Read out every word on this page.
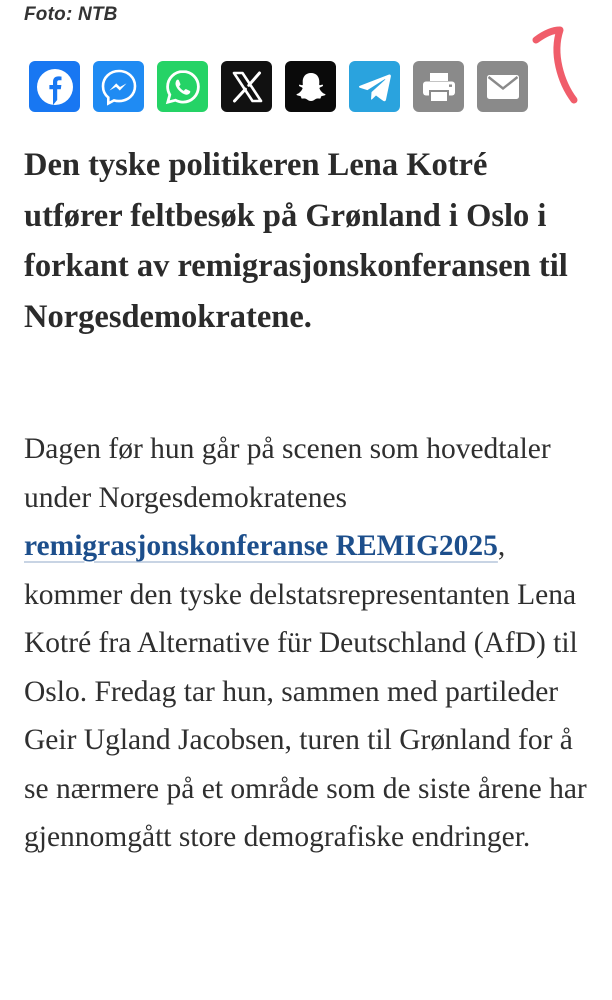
Foto: NTB

Den tyske politikeren Lena Kotré utfører feltbesøk på Grønland i Oslo i forkant av remigrasjonskonferansen til Norgesdemokratene.

Dagen før hun går på scenen som hovedtaler under Norgesdemokratenes remigrasjonskonferanse REMIG2025, kommer den tyske delstatsrepresentanten Lena Kotré fra Alternative für Deutschland (AfD) til Oslo. Fredag tar hun, sammen med partileder Geir Ugland Jacobsen, turen til Grønland for å se nærmere på et område som de siste årene har gjennomgått store demografiske endringer.
